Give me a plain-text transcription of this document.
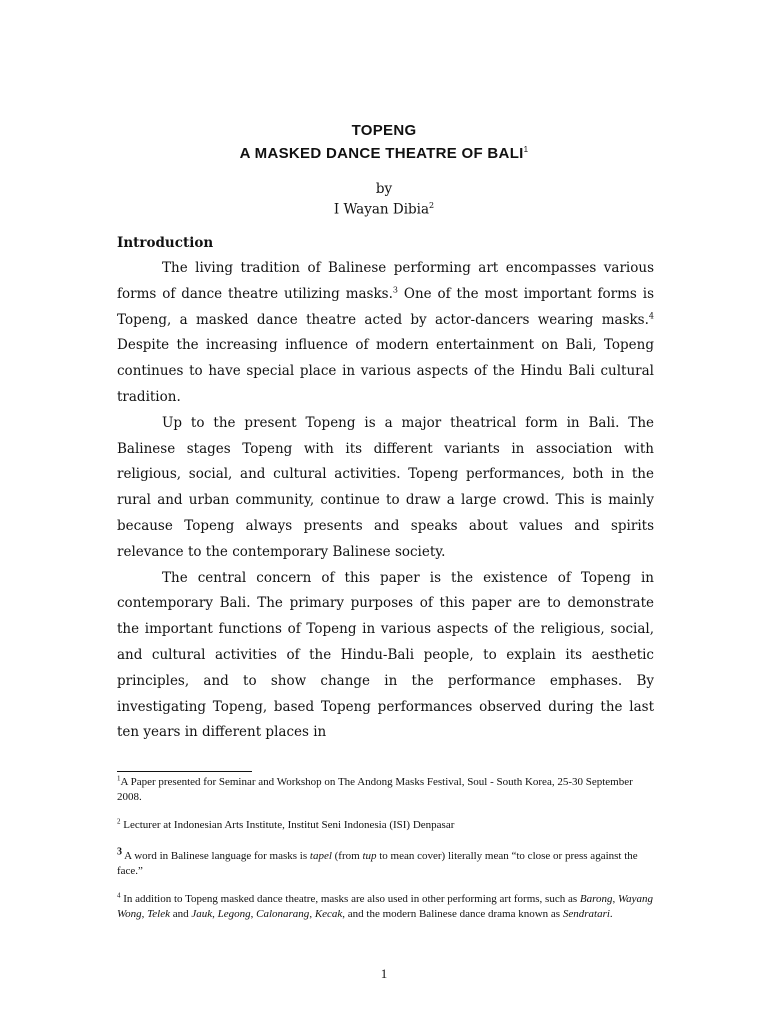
TOPENG
A MASKED DANCE THEATRE OF BALI$^1$
by
I Wayan Dibia$^2$
Introduction

The living tradition of Balinese performing art encompasses various forms of dance theatre utilizing masks.$^3$ One of the most important forms is Topeng, a masked dance theatre acted by actor-dancers wearing masks.$^4$ Despite the increasing influence of modern entertainment on Bali, Topeng continues to have special place in various aspects of the Hindu Bali cultural tradition.

Up to the present Topeng is a major theatrical form in Bali. The Balinese stages Topeng with its different variants in association with religious, social, and cultural activities. Topeng performances, both in the rural and urban community, continue to draw a large crowd. This is mainly because Topeng always presents and speaks about values and spirits relevance to the contemporary Balinese society.

The central concern of this paper is the existence of Topeng in contemporary Bali. The primary purposes of this paper are to demonstrate the important functions of Topeng in various aspects of the religious, social, and cultural activities of the Hindu-Bali people, to explain its aesthetic principles, and to show change in the performance emphases. By investigating Topeng, based Topeng performances observed during the last ten years in different places in

$^1$A Paper presented for Seminar and Workshop on The Andong Masks Festival, Soul - South Korea, 25-30 September 2008.
$^2$ Lecturer at Indonesian Arts Institute, Institut Seni Indonesia (ISI) Denpasar
$^3$ A word in Balinese language for masks is tapel (from tup to mean cover) literally mean “to close or press against the face.”
$^4$ In addition to Topeng masked dance theatre, masks are also used in other performing art forms, such as Barong, Wayang Wong, Telek and Jauk, Legong, Calonarang, Kecak, and the modern Balinese dance drama known as Sendratari.
1
